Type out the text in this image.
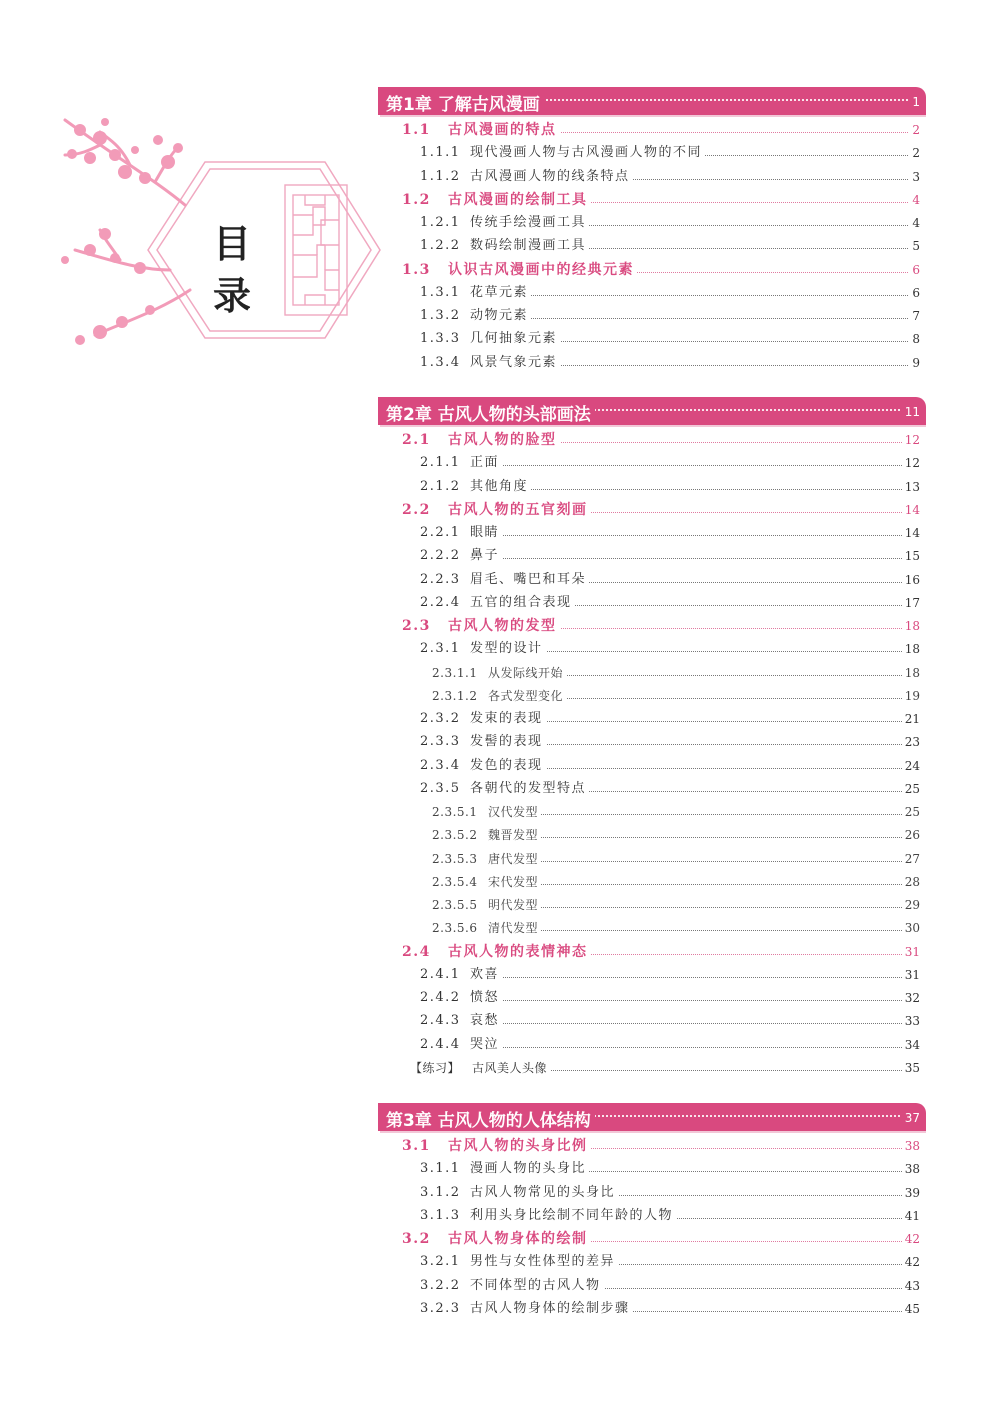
目
录
第1章 了解古风漫画	1
1.1 古风漫画的特点	2
1.1.1 现代漫画人物与古风漫画人物的不同	2
1.1.2 古风漫画人物的线条特点	3
1.2 古风漫画的绘制工具	4
1.2.1 传统手绘漫画工具	4
1.2.2 数码绘制漫画工具	5
1.3 认识古风漫画中的经典元素	6
1.3.1 花草元素	6
1.3.2 动物元素	7
1.3.3 几何抽象元素	8
1.3.4 风景气象元素	9
第2章 古风人物的头部画法	11
2.1 古风人物的脸型	12
2.1.1 正面	12
2.1.2 其他角度	13
2.2 古风人物的五官刻画	14
2.2.1 眼睛	14
2.2.2 鼻子	15
2.2.3 眉毛、嘴巴和耳朵	16
2.2.4 五官的组合表现	17
2.3 古风人物的发型	18
2.3.1 发型的设计	18
2.3.1.1 从发际线开始	18
2.3.1.2 各式发型变化	19
2.3.2 发束的表现	21
2.3.3 发髻的表现	23
2.3.4 发色的表现	24
2.3.5 各朝代的发型特点	25
2.3.5.1 汉代发型	25
2.3.5.2 魏晋发型	26
2.3.5.3 唐代发型	27
2.3.5.4 宋代发型	28
2.3.5.5 明代发型	29
2.3.5.6 清代发型	30
2.4 古风人物的表情神态	31
2.4.1 欢喜	31
2.4.2 愤怒	32
2.4.3 哀愁	33
2.4.4 哭泣	34
【练习】 古风美人头像	35
第3章 古风人物的人体结构	37
3.1 古风人物的头身比例	38
3.1.1 漫画人物的头身比	38
3.1.2 古风人物常见的头身比	39
3.1.3 利用头身比绘制不同年龄的人物	41
3.2 古风人物身体的绘制	42
3.2.1 男性与女性体型的差异	42
3.2.2 不同体型的古风人物	43
3.2.3 古风人物身体的绘制步骤	45
